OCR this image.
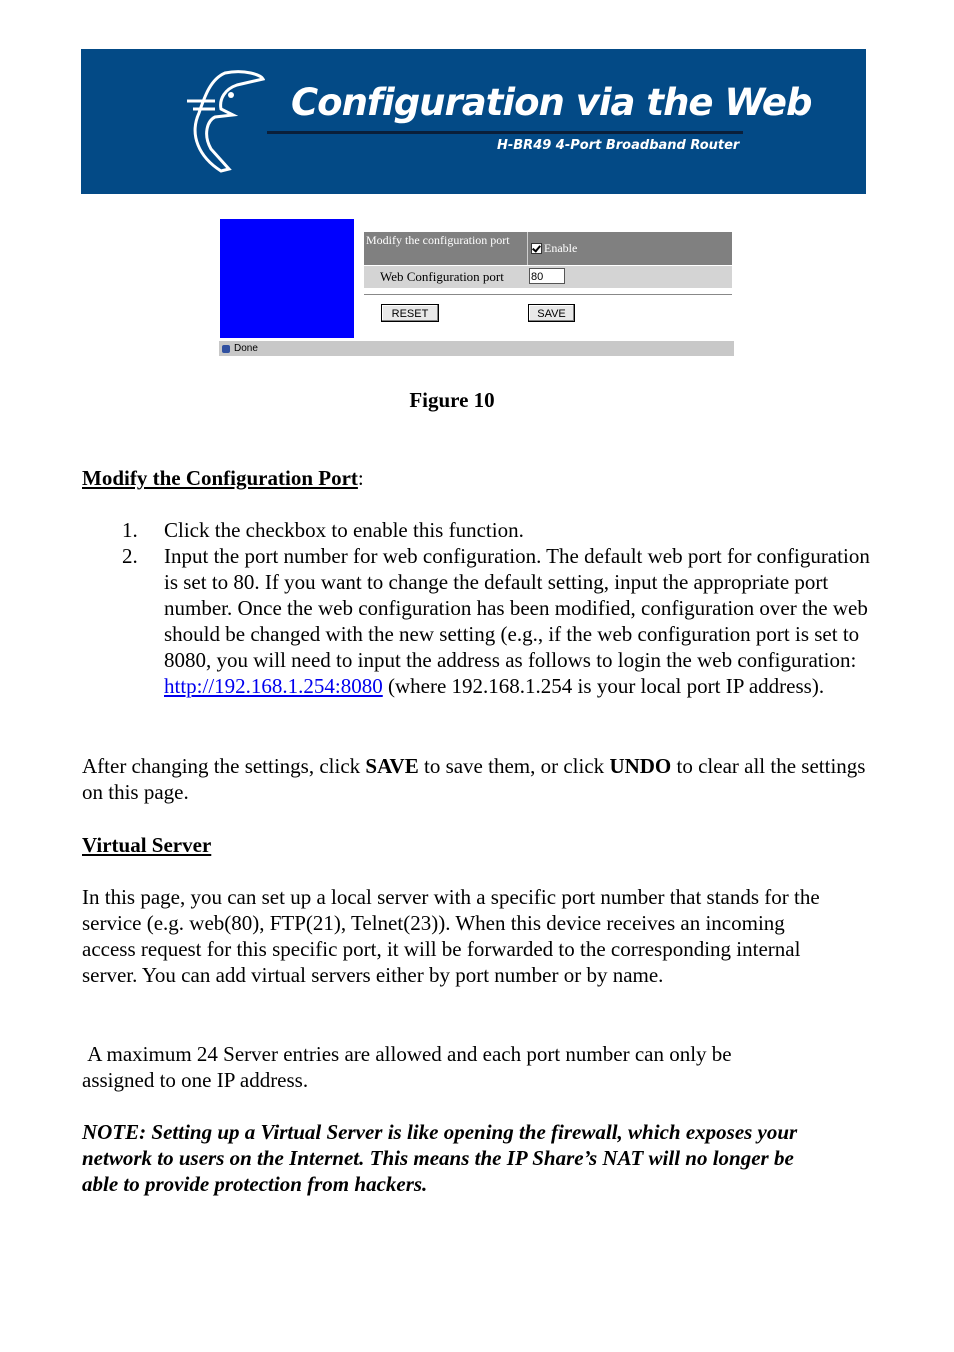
Configuration via the Web
H-BR49 4-Port Broadband Router
Modify the configuration port
Enable
Web Configuration port 80
RESET	SAVE
Done
Figure 10

Modify the Configuration Port:

1. Click the checkbox to enable this function.
2. Input the port number for web configuration. The default web port for configuration is set to 80. If you want to change the default setting, input the appropriate port number. Once the web configuration has been modified, configuration over the web should be changed with the new setting (e.g., if the web configuration port is set to 8080, you will need to input the address as follows to login the web configuration: http://192.168.1.254:8080 (where 192.168.1.254 is your local port IP address).

After changing the settings, click SAVE to save them, or click UNDO to clear all the settings on this page.

Virtual Server

In this page, you can set up a local server with a specific port number that stands for the service (e.g. web(80), FTP(21), Telnet(23)). When this device receives an incoming access request for this specific port, it will be forwarded to the corresponding internal server. You can add virtual servers either by port number or by name.

A maximum 24 Server entries are allowed and each port number can only be assigned to one IP address.

NOTE: Setting up a Virtual Server is like opening the firewall, which exposes your network to users on the Internet. This means the IP Share’s NAT will no longer be able to provide protection from hackers.
